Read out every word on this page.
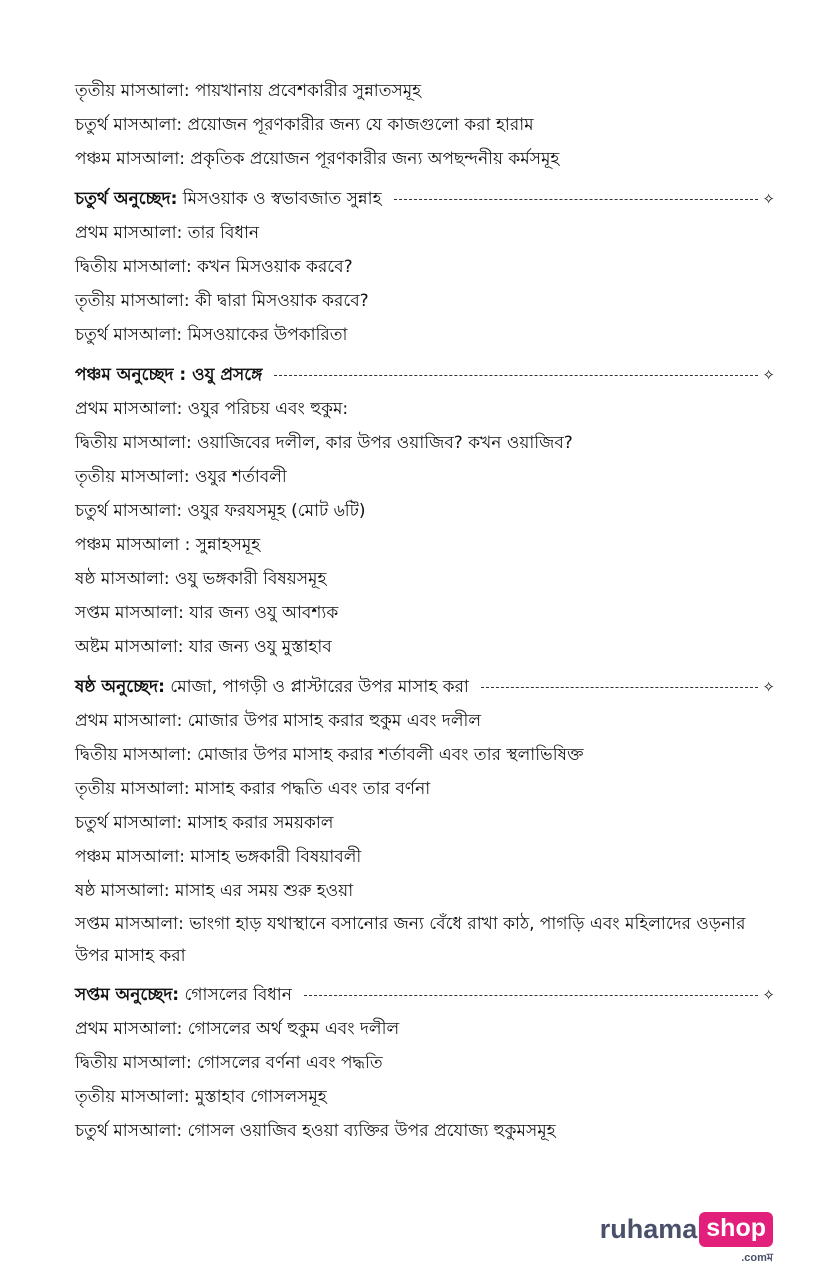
তৃতীয় মাসআলা: পায়খানায় প্রবেশকারীর সুন্নাতসমূহ
চতুর্থ মাসআলা: প্রয়োজন পূরণকারীর জন্য যে কাজগুলো করা হারাম
পঞ্চম মাসআলা: প্রকৃতিক প্রয়োজন পূরণকারীর জন্য অপছন্দনীয় কর্মসমূহ
চতুর্থ অনুচ্ছেদ: মিসওয়াক ও স্বভাবজাত সুন্নাহ	✧
প্রথম মাসআলা: তার বিধান
দ্বিতীয় মাসআলা: কখন মিসওয়াক করবে?
তৃতীয় মাসআলা: কী দ্বারা মিসওয়াক করবে?
চতুর্থ মাসআলা: মিসওয়াকের উপকারিতা
পঞ্চম অনুচ্ছেদ : ওযু প্রসঙ্গে	✧
প্রথম মাসআলা: ওযুর পরিচয় এবং হুকুম:
দ্বিতীয় মাসআলা: ওয়াজিবের দলীল, কার উপর ওয়াজিব? কখন ওয়াজিব?
তৃতীয় মাসআলা: ওযুর শর্তাবলী
চতুর্থ মাসআলা: ওযুর ফরযসমূহ (মোট ৬টি)
পঞ্চম মাসআলা : সুন্নাহসমূহ
ষষ্ঠ মাসআলা: ওযু ভঙ্গকারী বিষয়সমূহ
সপ্তম মাসআলা: যার জন্য ওযু আবশ্যক
অষ্টম মাসআলা: যার জন্য ওযু মুস্তাহাব
ষষ্ঠ অনুচ্ছেদ: মোজা, পাগড়ী ও প্লাস্টারের উপর মাসাহ করা	✧
প্রথম মাসআলা: মোজার উপর মাসাহ করার হুকুম এবং দলীল
দ্বিতীয় মাসআলা: মোজার উপর মাসাহ করার শর্তাবলী এবং তার স্থলাভিষিক্ত
তৃতীয় মাসআলা: মাসাহ করার পদ্ধতি এবং তার বর্ণনা
চতুর্থ মাসআলা: মাসাহ করার সময়কাল
পঞ্চম মাসআলা: মাসাহ ভঙ্গকারী বিষয়াবলী
ষষ্ঠ মাসআলা: মাসাহ এর সময় শুরু হওয়া
সপ্তম মাসআলা: ভাংগা হাড় যথাস্থানে বসানোর জন্য বেঁধে রাখা কাঠ, পাগড়ি এবং মহিলাদের ওড়নার উপর মাসাহ করা
সপ্তম অনুচ্ছেদ: গোসলের বিধান	✧
প্রথম মাসআলা: গোসলের অর্থ হুকুম এবং দলীল
দ্বিতীয় মাসআলা: গোসলের বর্ণনা এবং পদ্ধতি
তৃতীয় মাসআলা: মুস্তাহাব গোসলসমূহ
চতুর্থ মাসআলা: গোসল ওয়াজিব হওয়া ব্যক্তির উপর প্রযোজ্য হুকুমসমূহ
ruhama shop
.comম
